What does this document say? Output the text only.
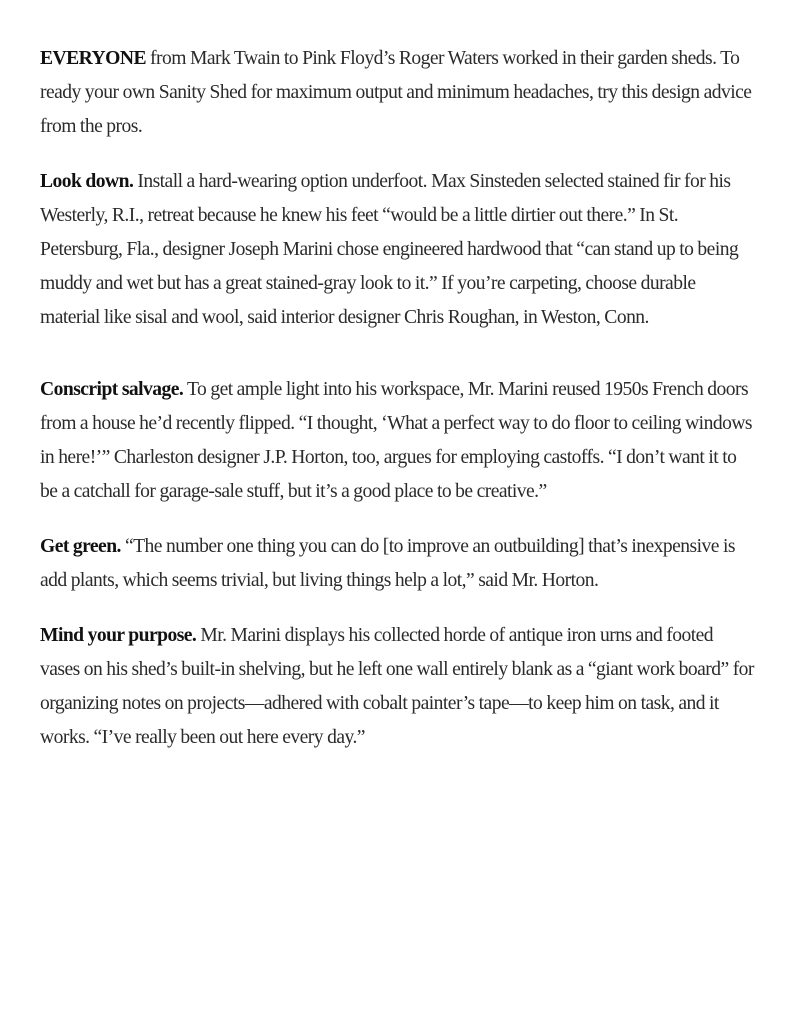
EVERYONE from Mark Twain to Pink Floyd’s Roger Waters worked in their garden sheds. To ready your own Sanity Shed for maximum output and minimum headaches, try this design advice from the pros.

Look down. Install a hard-wearing option underfoot. Max Sinsteden selected stained fir for his Westerly, R.I., retreat because he knew his feet “would be a little dirtier out there.” In St. Petersburg, Fla., designer Joseph Marini chose engineered hardwood that “can stand up to being muddy and wet but has a great stained-gray look to it.” If you’re carpeting, choose durable material like sisal and wool, said interior designer Chris Roughan, in Weston, Conn.

Conscript salvage. To get ample light into his workspace, Mr. Marini reused 1950s French doors from a house he’d recently flipped. “I thought, ‘What a perfect way to do floor to ceiling windows in here!’” Charleston designer J.P. Horton, too, argues for employing castoffs. “I don’t want it to be a catchall for garage-sale stuff, but it’s a good place to be creative.”

Get green. “The number one thing you can do [to improve an outbuilding] that’s inexpensive is add plants, which seems trivial, but living things help a lot,” said Mr. Horton.

Mind your purpose. Mr. Marini displays his collected horde of antique iron urns and footed vases on his shed’s built-in shelving, but he left one wall entirely blank as a “giant work board” for organizing notes on projects—adhered with cobalt painter’s tape—to keep him on task, and it works. “I’ve really been out here every day.”
